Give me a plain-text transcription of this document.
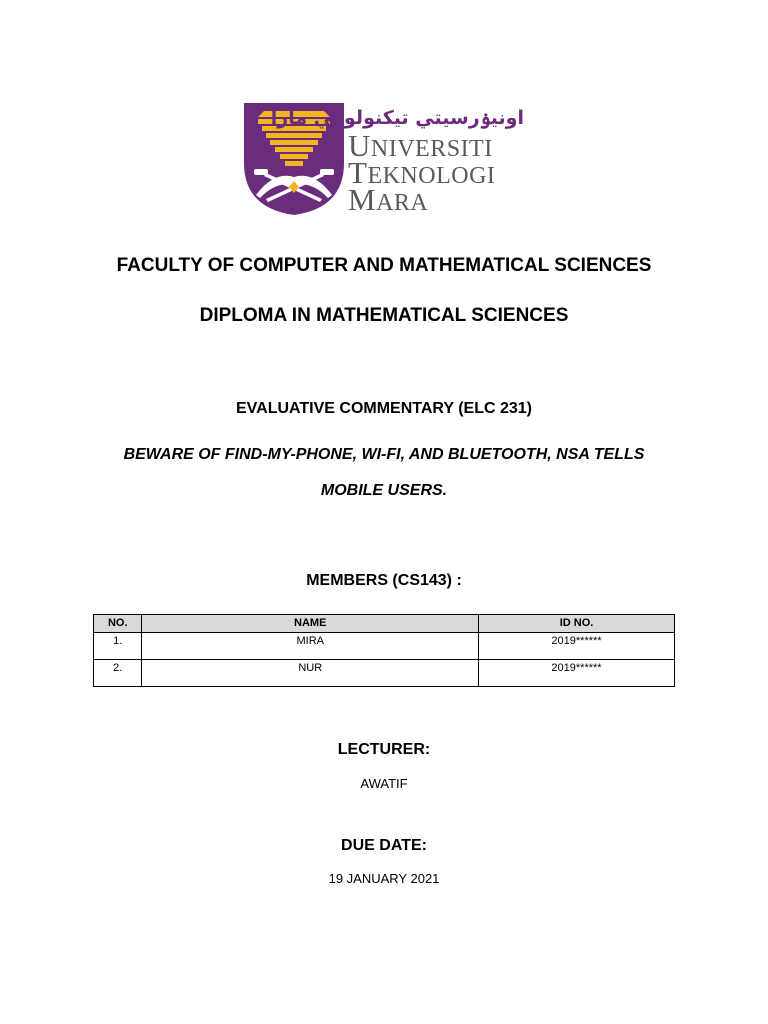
اونيۏرسيتي تيكنولوڬي مارا
UNIVERSITI
TEKNOLOGI
MARA
FACULTY OF COMPUTER AND MATHEMATICAL SCIENCES
DIPLOMA IN MATHEMATICAL SCIENCES
EVALUATIVE COMMENTARY (ELC 231)
BEWARE OF FIND-MY-PHONE, WI-FI, AND BLUETOOTH, NSA TELLS
MOBILE USERS.
MEMBERS (CS143) :
NO.	NAME	ID NO.
1.	MIRA	2019******
2.	NUR	2019******
LECTURER:
AWATIF
DUE DATE:
19 JANUARY 2021
